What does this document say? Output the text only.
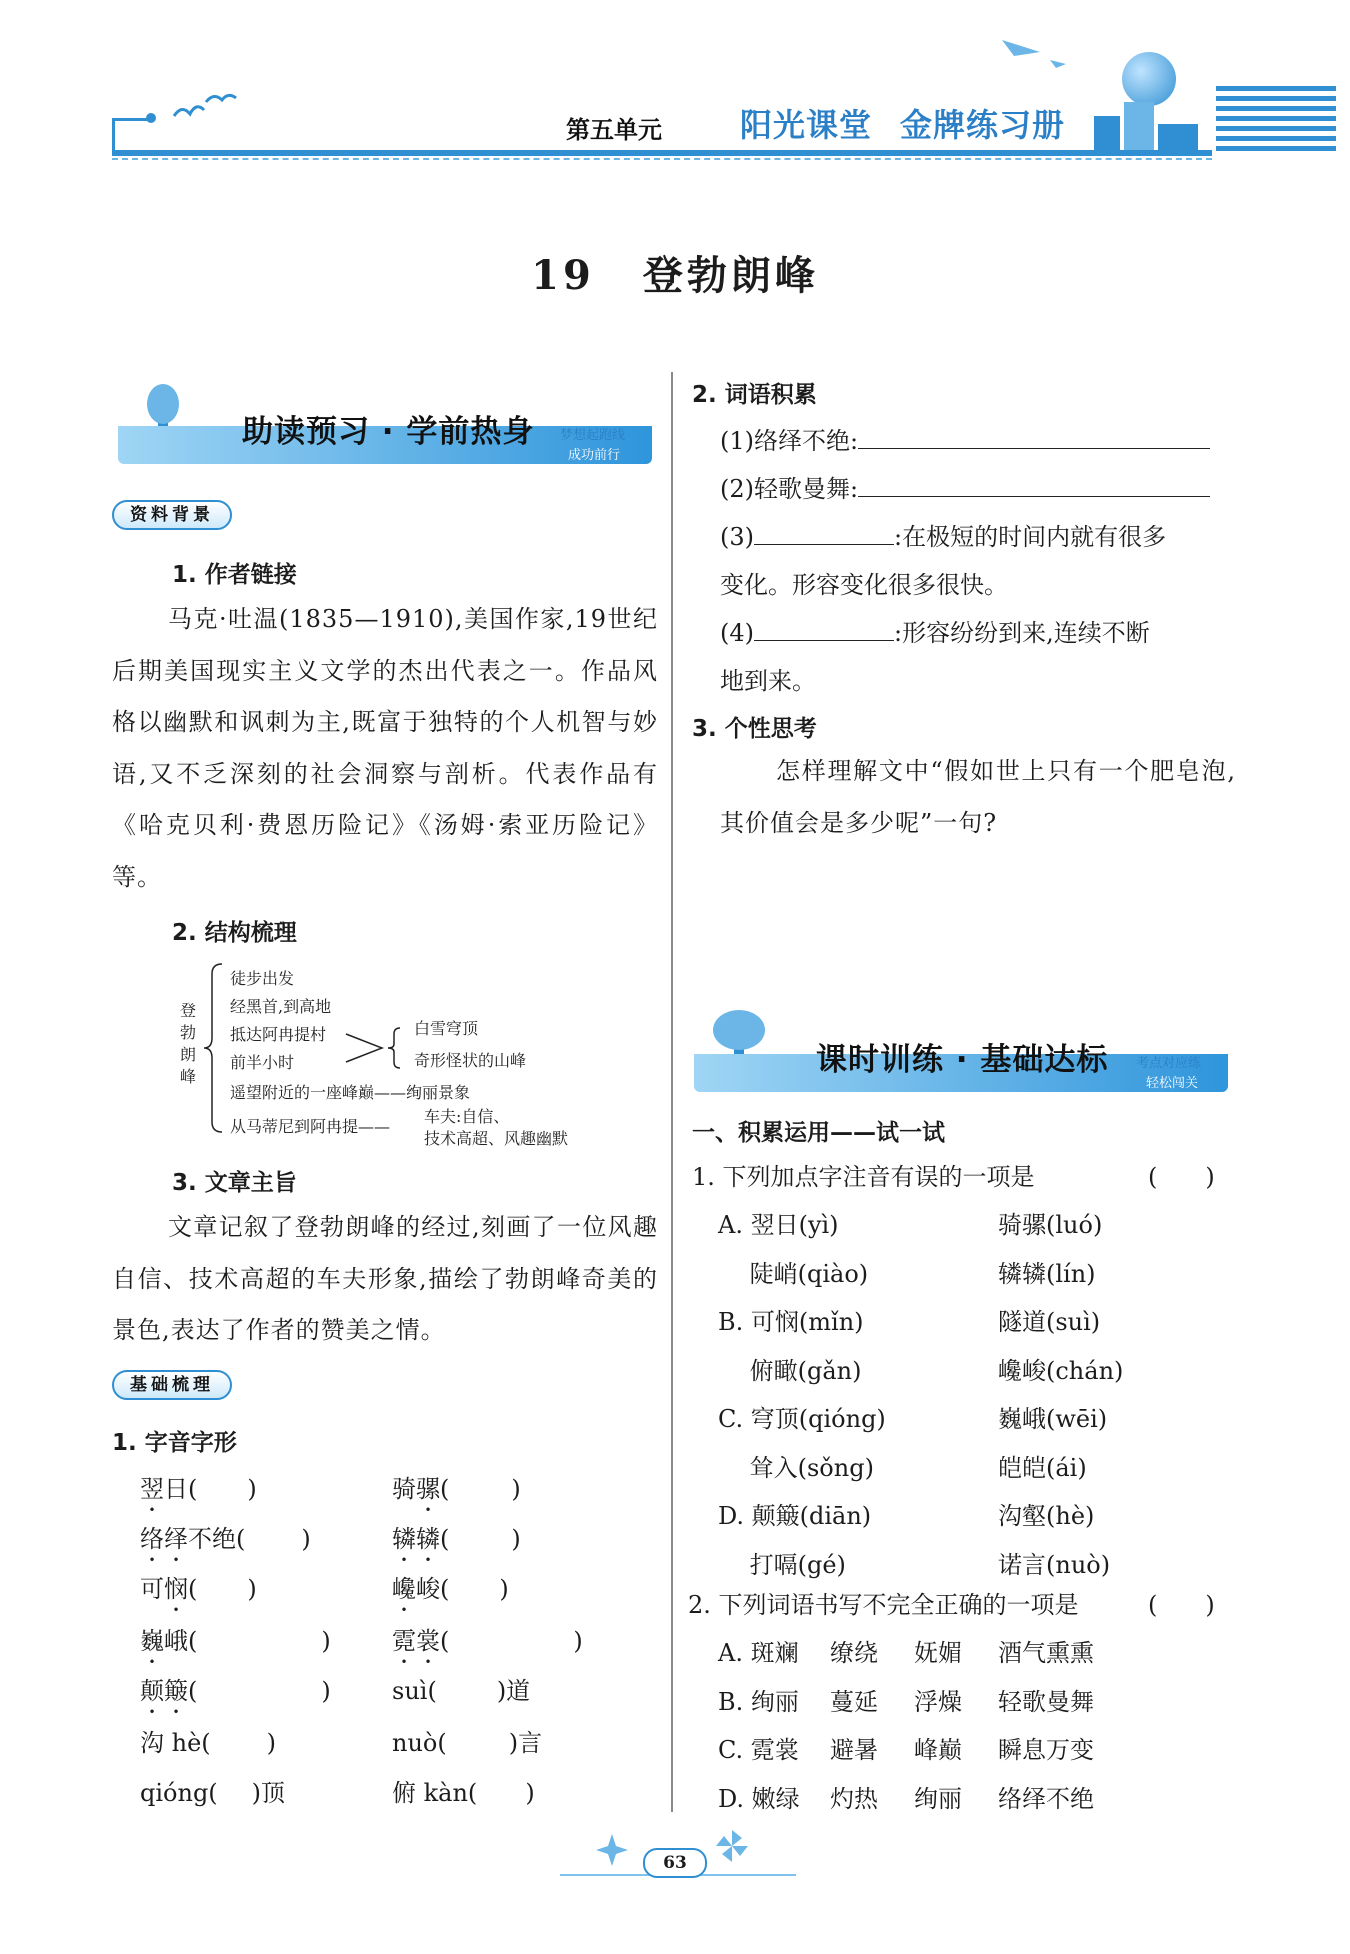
第五单元 阳光课堂 金牌练习册
19 登勃朗峰
助读预习 · 学前热身 梦想起跑线
成功前行
资料背景
1. 作者链接
马克·吐温(1835—1910),美国作家,19世纪后期美国现实主义文学的杰出代表之一。作品风格以幽默和讽刺为主,既富于独特的个人机智与妙语,又不乏深刻的社会洞察与剖析。代表作品有《哈克贝利·费恩历险记》《汤姆·索亚历险记》等。
2. 结构梳理
登勃朗峰
徒步出发
经黑首,到高地
抵达阿冉提村
前半小时
遥望附近的一座峰巅——绚丽景象
从马蒂尼到阿冉提——
白雪穹顶
奇形怪状的山峰
车夫:自信、
技术高超、风趣幽默
3. 文章主旨
文章记叙了登勃朗峰的经过,刻画了一位风趣自信、技术高超的车夫形象,描绘了勃朗峰奇美的景色,表达了作者的赞美之情。
基础梳理
1. 字音字形
翌日( )	骑骡(	)
络绎不绝( )	辚辚(	)
可悯( )	巉峻( )
巍峨(	)	霓裳(	)
颠簸(	)	suì(	)道
沟 hè( )	nuò(	)言
qióng( )顶	俯 kàn( )
2. 词语积累
(1)络绎不绝:
(2)轻歌曼舞:
(3)	:在极短的时间内就有很多
变化。形容变化很多很快。
(4)	:形容纷纷到来,连续不断
地到来。
3. 个性思考
怎样理解文中“假如世上只有一个肥皂泡,其价值会是多少呢”一句?
课时训练 · 基础达标 考点对应练
轻松闯关
一、积累运用——试一试
1. 下列加点字注音有误的一项是	(　　)
A. 翌日(yì)	骑骡(luó)
　 陡峭(qiào)	辚辚(lín)
B. 可悯(mǐn)	隧道(suì)
　 俯瞰(gǎn)	巉峻(chán)
C. 穹顶(qióng)	巍峨(wēi)
　 耸入(sǒng)	皑皑(ái)
D. 颠簸(diān)	沟壑(hè)
　 打嗝(gé)	诺言(nuò)
2. 下列词语书写不完全正确的一项是	(　　)
A. 斑斓 缭绕 妩媚 酒气熏熏
B. 绚丽 蔓延 浮燥 轻歌曼舞
C. 霓裳 避暑 峰巅 瞬息万变
D. 嫩绿 灼热 绚丽 络绎不绝
63
